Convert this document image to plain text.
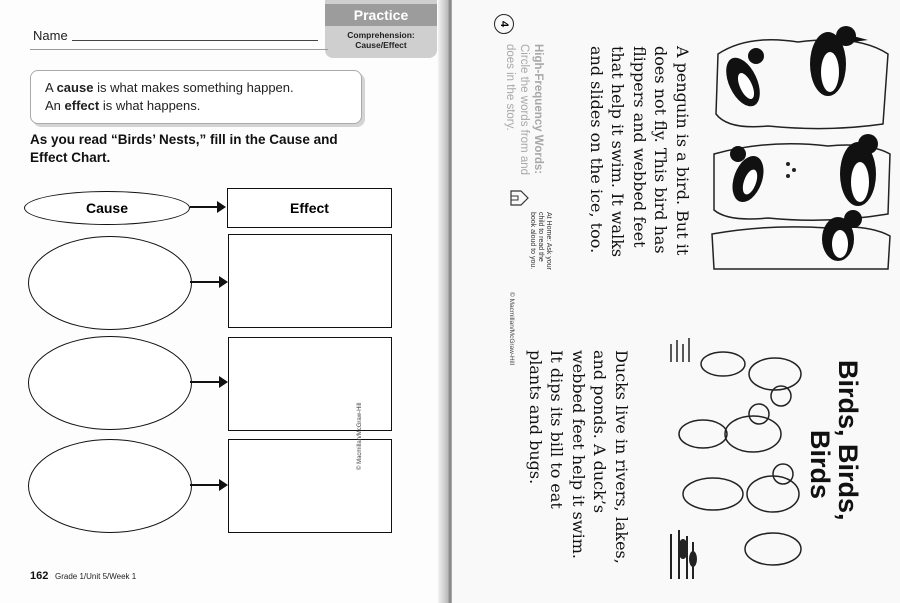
Practice
Comprehension:
Cause/Effect
Name
A cause is what makes something happen.
An effect is what happens.
As you read “Birds’ Nests,” fill in the Cause and
Effect Chart.
Cause	Effect
© Macmillan/McGraw-Hill
162 Grade 1/Unit 5/Week 1
4
A penguin is a bird. But it
does not fly. This bird has
flippers and webbed feet
that help it swim. It walks
and slides on the ice, too.
High-Frequency Words:
Circle the words from and
does in the story.
At Home: Ask your
child to read the
book aloud to you.
© Macmillan/McGraw-Hill
Birds, Birds,
Birds
Ducks live in rivers, lakes,
and ponds. A duck’s
webbed feet help it swim.
It dips its bill to eat
plants and bugs.
